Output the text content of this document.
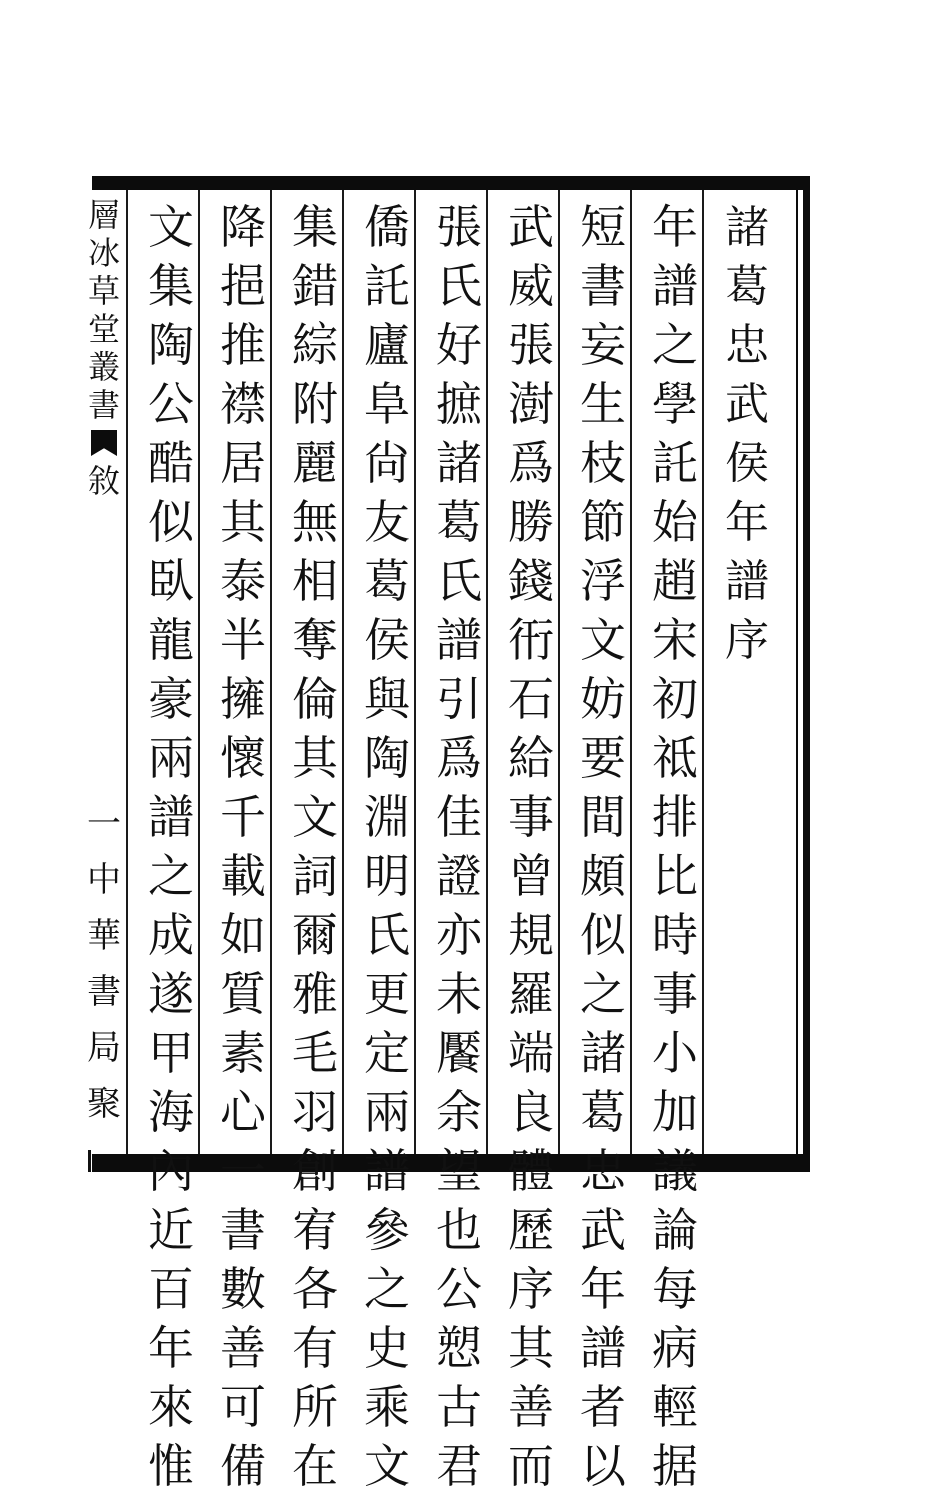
諸
葛
忠
武
侯
年
譜
序
年
譜
之
學
託
始
趙
宋
初
祗
排
比
時
事
小
加
議
論
每
病
輕
据
短
書
妄
生
枝
節
浮
文
妨
要
間
頗
似
之
諸
葛
忠
武
年
譜
者
以
武
威
張
澍
爲
勝
錢
衎
石
給
事
曾
規
羅
端
良
體
歷
序
其
善
而
張
氏
好
摭
諸
葛
氏
譜
引
爲
佳
證
亦
未
饜
余
望
也
公
愬
古
君
僑
託
廬
阜
尙
友
葛
侯
與
陶
淵
明
氏
更
定
兩
譜
參
之
史
乘
文
集
錯
綜
附
麗
無
相
奪
倫
其
文
詞
爾
雅
毛
羽
創
宥
各
有
所
在
降
挹
推
襟
居
其
泰
半
擁
懷
千
載
如
質
素
心
一
書
數
善
可
備
文
集
陶
公
酷
似
臥
龍
豪
兩
譜
之
成
遂
甲
海
內
近
百
年
來
惟
層
冰
草
堂
叢
書
敘
一
中
華
書
局
聚
